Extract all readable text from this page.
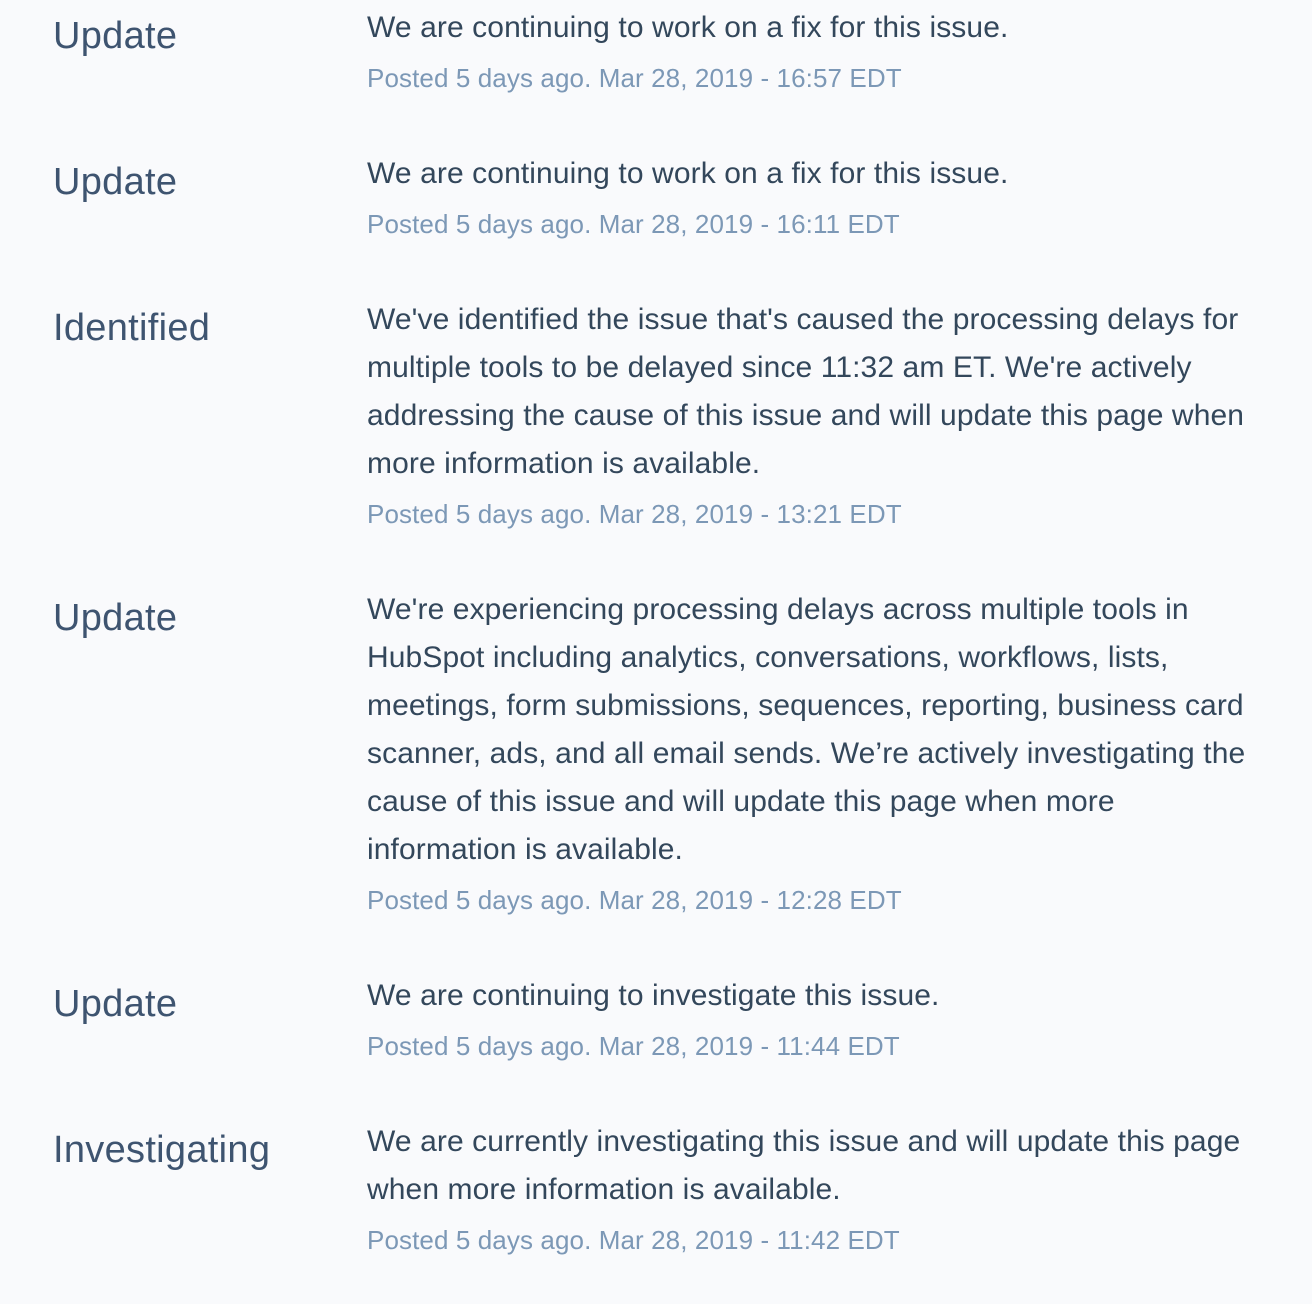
Update	We are continuing to work on a fix for this issue.

Posted 5 days ago. Mar 28, 2019 - 16:57 EDT
Update	We are continuing to work on a fix for this issue.

Posted 5 days ago. Mar 28, 2019 - 16:11 EDT
Identified	We've identified the issue that's caused the processing delays for multiple tools to be delayed since 11:32 am ET. We're actively addressing the cause of this issue and will update this page when more information is available.

Posted 5 days ago. Mar 28, 2019 - 13:21 EDT
Update	We're experiencing processing delays across multiple tools in HubSpot including analytics, conversations, workflows, lists, meetings, form submissions, sequences, reporting, business card scanner, ads, and all email sends. We’re actively investigating the cause of this issue and will update this page when more information is available.

Posted 5 days ago. Mar 28, 2019 - 12:28 EDT
Update	We are continuing to investigate this issue.

Posted 5 days ago. Mar 28, 2019 - 11:44 EDT
Investigating	We are currently investigating this issue and will update this page when more information is available.

Posted 5 days ago. Mar 28, 2019 - 11:42 EDT
